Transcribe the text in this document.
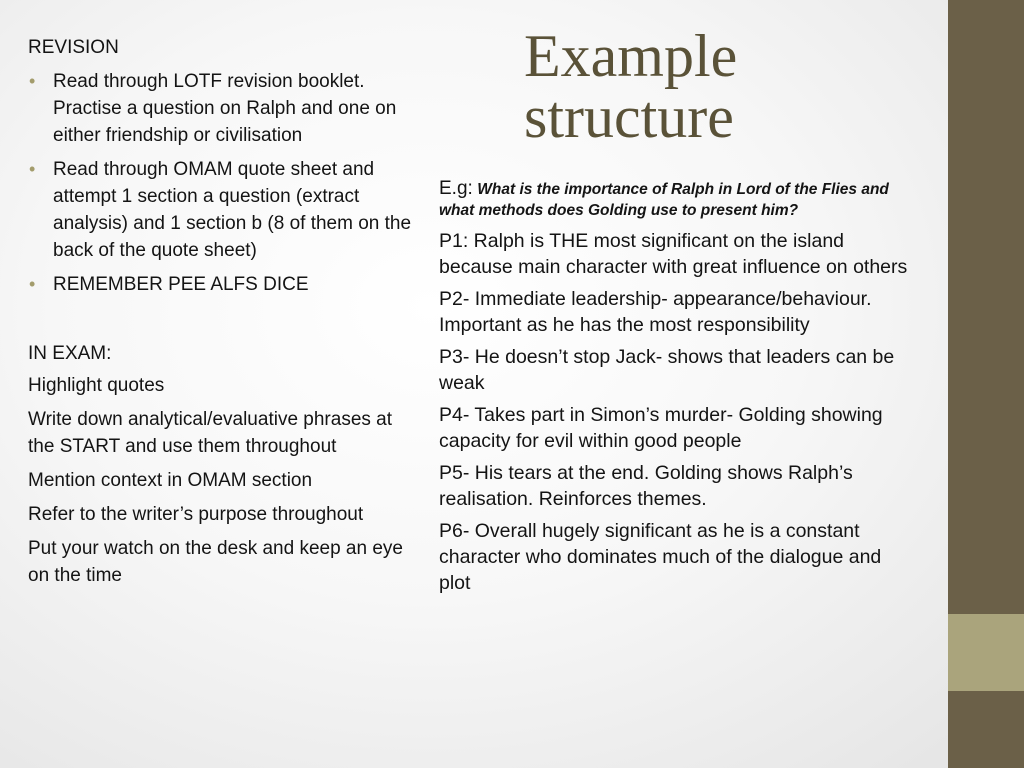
Example structure
REVISION
• Read through LOTF revision booklet. Practise a question on Ralph and one on either friendship or civilisation
• Read through OMAM quote sheet and attempt 1 section a question (extract analysis) and 1 section b (8 of them on the back of the quote sheet)
• REMEMBER PEE ALFS DICE
IN EXAM:
Highlight quotes
Write down analytical/evaluative phrases at the START and use them throughout
Mention context in OMAM section
Refer to the writer’s purpose throughout
Put your watch on the desk and keep an eye on the time

E.g: What is the importance of Ralph in Lord of the Flies and what methods does Golding use to present him?

P1: Ralph is THE most significant on the island because main character with great influence on others

P2- Immediate leadership- appearance/behaviour. Important as he has the most responsibility

P3- He doesn’t stop Jack- shows that leaders can be weak

P4- Takes part in Simon’s murder- Golding showing capacity for evil within good people

P5- His tears at the end. Golding shows Ralph’s realisation. Reinforces themes.

P6- Overall hugely significant as he is a constant character who dominates much of the dialogue and plot
